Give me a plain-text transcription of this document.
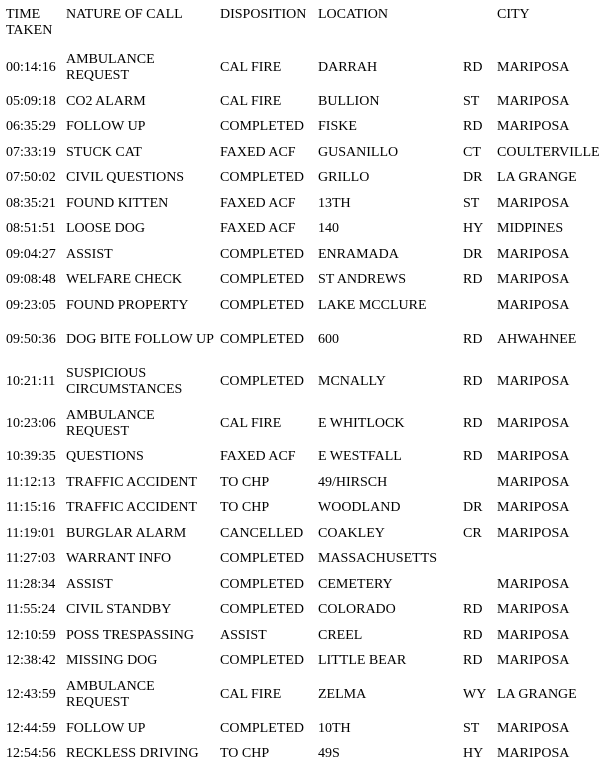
TIME TAKEN	NATURE OF CALL	DISPOSITION	LOCATION		CITY
00:14:16	AMBULANCE REQUEST	CAL FIRE	DARRAH	RD	MARIPOSA
05:09:18	CO2 ALARM	CAL FIRE	BULLION	ST	MARIPOSA
06:35:29	FOLLOW UP	COMPLETED	FISKE	RD	MARIPOSA
07:33:19	STUCK CAT	FAXED ACF	GUSANILLO	CT	COULTERVILLE
07:50:02	CIVIL QUESTIONS	COMPLETED	GRILLO	DR	LA GRANGE
08:35:21	FOUND KITTEN	FAXED ACF	13TH	ST	MARIPOSA
08:51:51	LOOSE DOG	FAXED ACF	140	HY	MIDPINES
09:04:27	ASSIST	COMPLETED	ENRAMADA	DR	MARIPOSA
09:08:48	WELFARE CHECK	COMPLETED	ST ANDREWS	RD	MARIPOSA
09:23:05	FOUND PROPERTY	COMPLETED	LAKE MCCLURE		MARIPOSA
09:50:36	DOG BITE FOLLOW UP	COMPLETED	600	RD	AHWAHNEE
10:21:11	SUSPICIOUS CIRCUMSTANCES	COMPLETED	MCNALLY	RD	MARIPOSA
10:23:06	AMBULANCE REQUEST	CAL FIRE	E WHITLOCK	RD	MARIPOSA
10:39:35	QUESTIONS	FAXED ACF	E WESTFALL	RD	MARIPOSA
11:12:13	TRAFFIC ACCIDENT	TO CHP	49/HIRSCH		MARIPOSA
11:15:16	TRAFFIC ACCIDENT	TO CHP	WOODLAND	DR	MARIPOSA
11:19:01	BURGLAR ALARM	CANCELLED	COAKLEY	CR	MARIPOSA
11:27:03	WARRANT INFO	COMPLETED	MASSACHUSETTS		
11:28:34	ASSIST	COMPLETED	CEMETERY		MARIPOSA
11:55:24	CIVIL STANDBY	COMPLETED	COLORADO	RD	MARIPOSA
12:10:59	POSS TRESPASSING	ASSIST	CREEL	RD	MARIPOSA
12:38:42	MISSING DOG	COMPLETED	LITTLE BEAR	RD	MARIPOSA
12:43:59	AMBULANCE REQUEST	CAL FIRE	ZELMA	WY	LA GRANGE
12:44:59	FOLLOW UP	COMPLETED	10TH	ST	MARIPOSA
12:54:56	RECKLESS DRIVING	TO CHP	49S	HY	MARIPOSA
